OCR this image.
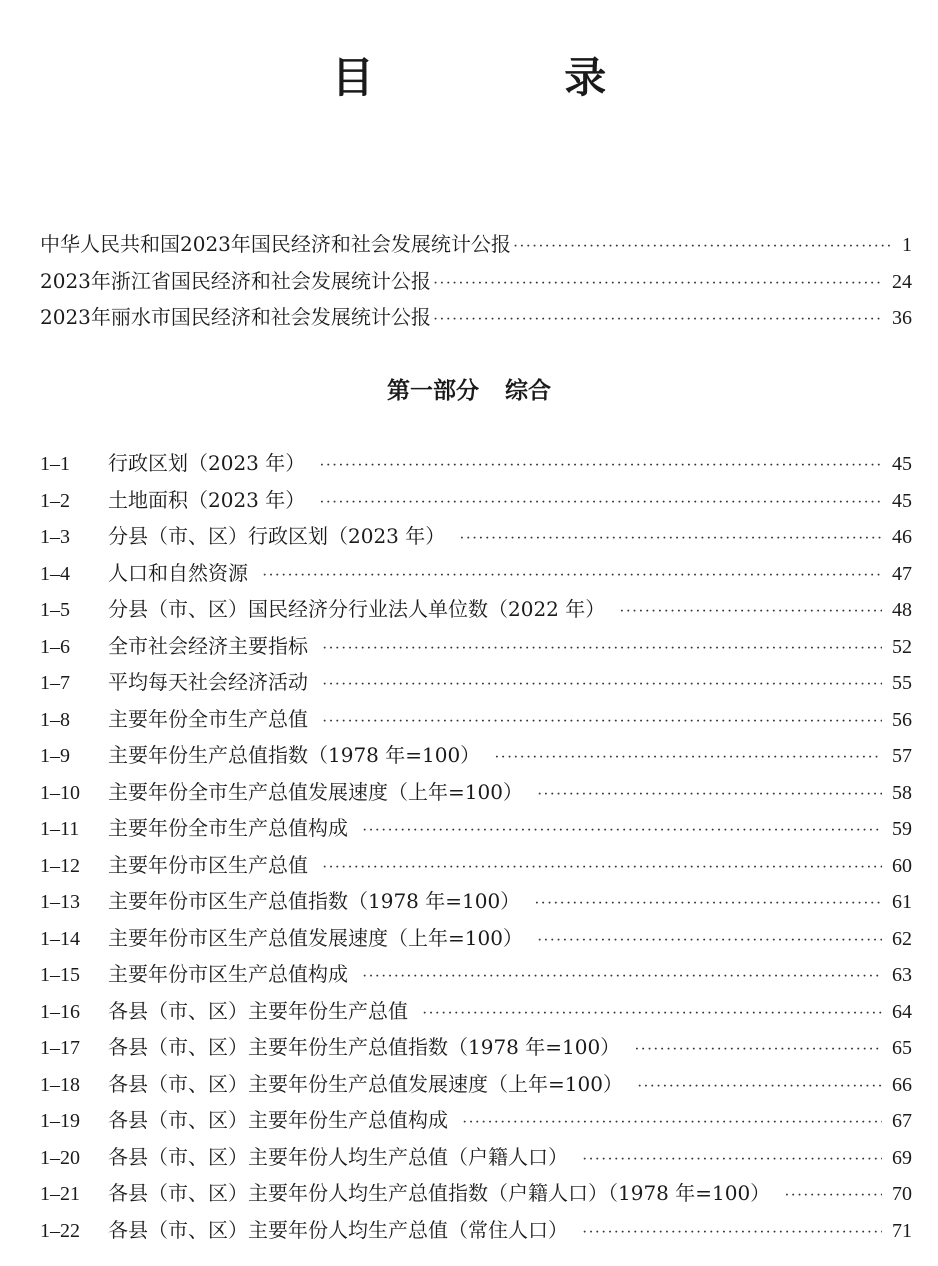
目 录
中华人民共和国2023年国民经济和社会发展统计公报 ·····	1
2023年浙江省国民经济和社会发展统计公报 ·····	24
2023年丽水市国民经济和社会发展统计公报 ·····	36
第一部分 综合
1–1	行政区划（2023 年） ·····	45
1–2	土地面积（2023 年） ·····	45
1–3	分县（市、区）行政区划（2023 年） ·····	46
1–4	人口和自然资源 ·····	47
1–5	分县（市、区）国民经济分行业法人单位数（2022 年） ·····	48
1–6	全市社会经济主要指标 ·····	52
1–7	平均每天社会经济活动 ·····	55
1–8	主要年份全市生产总值 ·····	56
1–9	主要年份生产总值指数（1978 年=100） ·····	57
1–10	主要年份全市生产总值发展速度（上年=100） ·····	58
1–11	主要年份全市生产总值构成 ·····	59
1–12	主要年份市区生产总值 ·····	60
1–13	主要年份市区生产总值指数（1978 年=100） ·····	61
1–14	主要年份市区生产总值发展速度（上年=100） ·····	62
1–15	主要年份市区生产总值构成 ·····	63
1–16	各县（市、区）主要年份生产总值 ·····	64
1–17	各县（市、区）主要年份生产总值指数（1978 年=100） ·····	65
1–18	各县（市、区）主要年份生产总值发展速度（上年=100） ·····	66
1–19	各县（市、区）主要年份生产总值构成 ·····	67
1–20	各县（市、区）主要年份人均生产总值（户籍人口） ·····	69
1–21	各县（市、区）主要年份人均生产总值指数（户籍人口）（1978 年=100） ·····	70
1–22	各县（市、区）主要年份人均生产总值（常住人口） ·····	71
